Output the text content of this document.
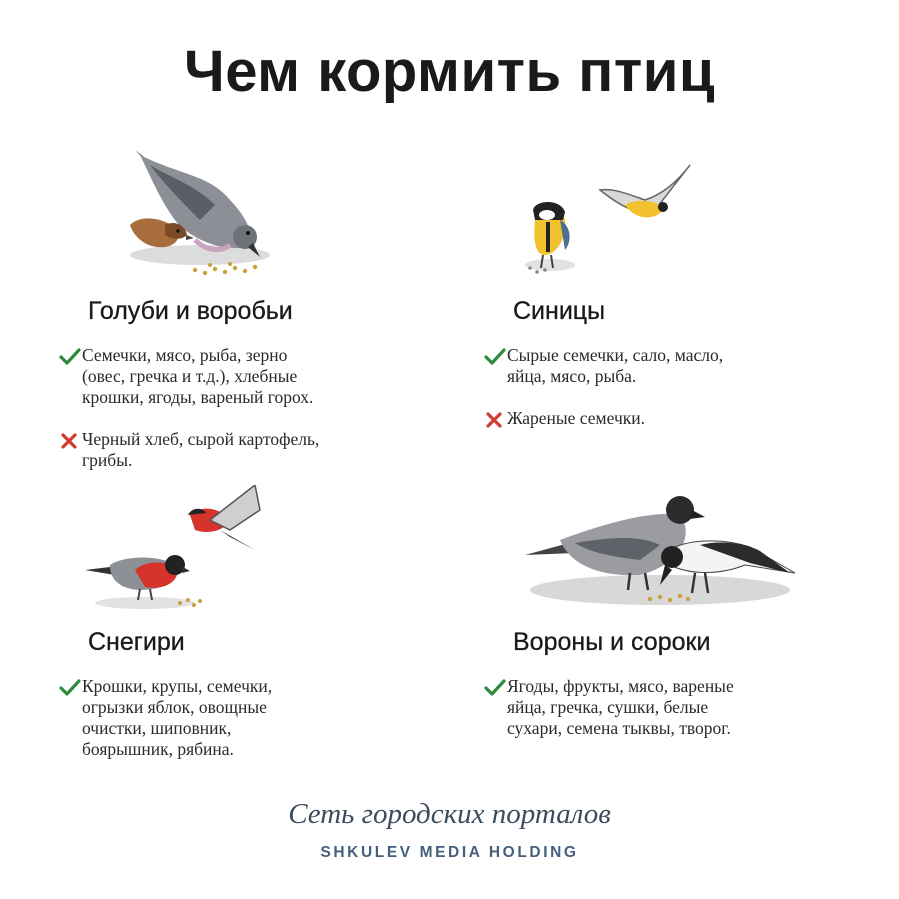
Чем кормить птиц
Голуби и воробьи
Семечки, мясо, рыба, зерно
(овес, гречка и т.д.), хлебные
крошки, ягоды, вареный горох.
Черный хлеб, сырой картофель,
грибы.
Синицы
Сырые семечки, сало, масло,
яйца, мясо, рыба.
Жареные семечки.
Снегири
Крошки, крупы, семечки,
огрызки яблок, овощные
очистки, шиповник,
боярышник, рябина.
Вороны и сороки
Ягоды, фрукты, мясо, вареные
яйца, гречка, сушки, белые
сухари, семена тыквы, творог.
Сеть городских порталов
SHKULEV MEDIA HOLDING
